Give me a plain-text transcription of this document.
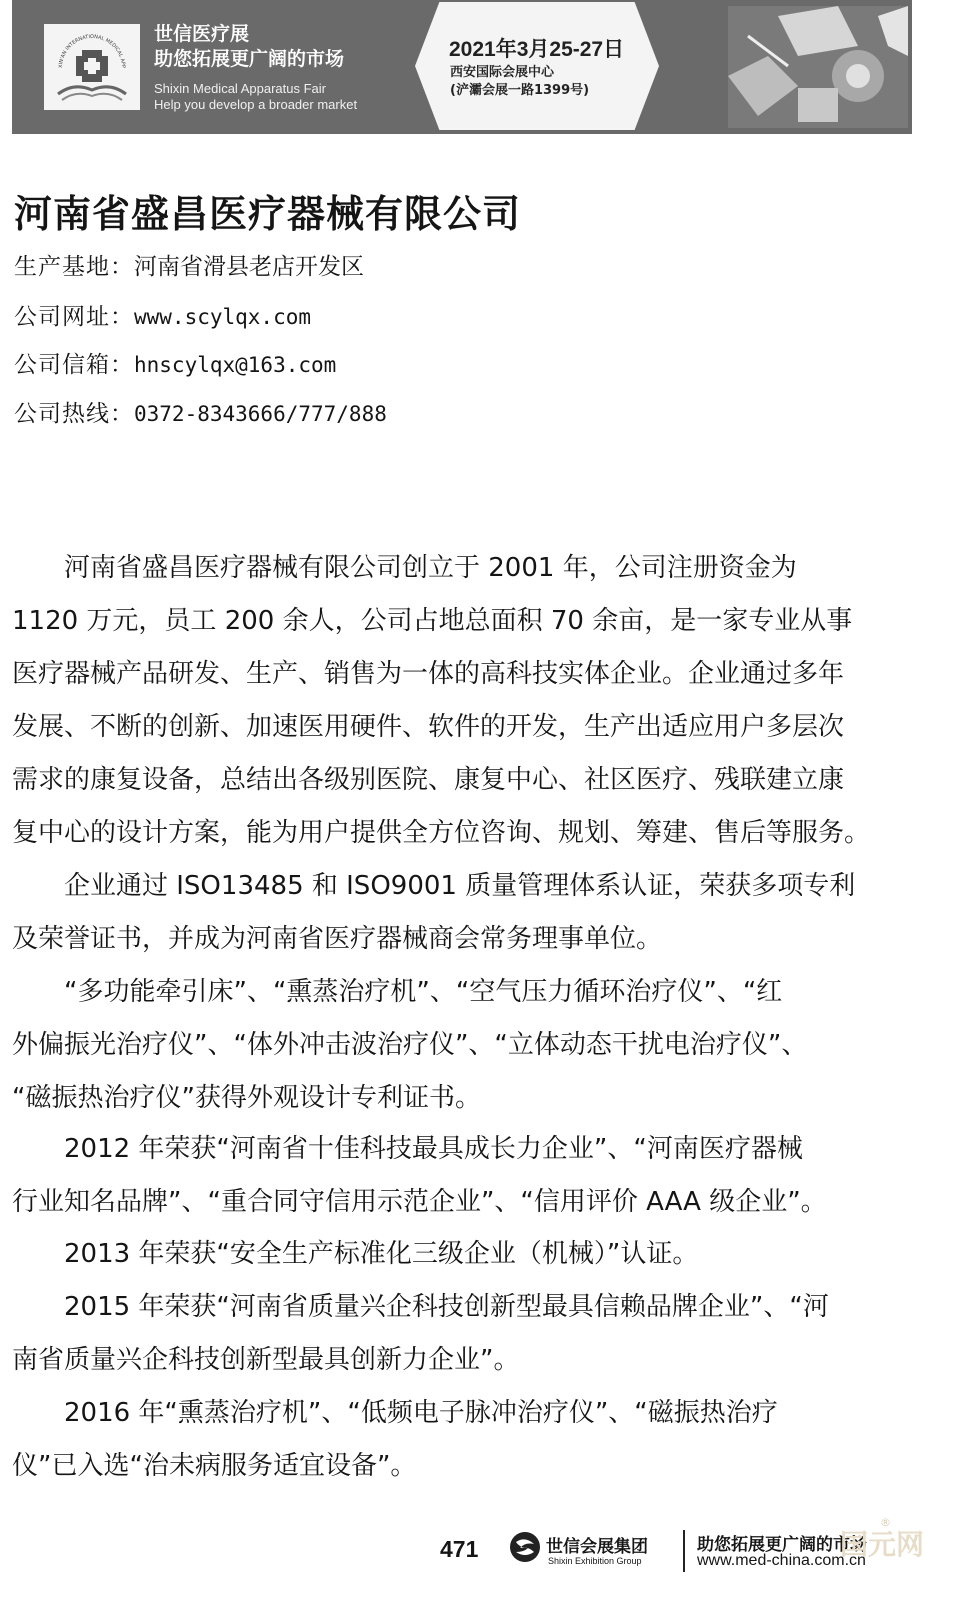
XIN'AN INTERNATIONAL MEDICAL APP
世信医疗展
助您拓展更广阔的市场
Shixin Medical Apparatus Fair
Help you develop a broader market
2021年3月25-27日
西安国际会展中心
(浐灞会展一路1399号)
河南省盛昌医疗器械有限公司
生产基地：河南省滑县老店开发区
公司网址：www.scylqx.com
公司信箱：hnscylqx@163.com
公司热线：0372-8343666/777/888
　　河南省盛昌医疗器械有限公司创立于 2001 年，公司注册资金为
1120 万元，员工 200 余人，公司占地总面积 70 余亩，是一家专业从事
医疗器械产品研发、生产、销售为一体的高科技实体企业。企业通过多年
发展、不断的创新、加速医用硬件、软件的开发，生产出适应用户多层次
需求的康复设备，总结出各级别医院、康复中心、社区医疗、残联建立康
复中心的设计方案，能为用户提供全方位咨询、规划、筹建、售后等服务。
　　企业通过 ISO13485 和 ISO9001 质量管理体系认证，荣获多项专利
及荣誉证书，并成为河南省医疗器械商会常务理事单位。
　　“多功能牵引床”、“熏蒸治疗机”、“空气压力循环治疗仪”、“红
外偏振光治疗仪”、“体外冲击波治疗仪”、“立体动态干扰电治疗仪”、
“磁振热治疗仪”获得外观设计专利证书。
　　2012 年荣获“河南省十佳科技最具成长力企业”、“河南医疗器械
行业知名品牌”、“重合同守信用示范企业”、“信用评价 AAA 级企业”。
　　2013 年荣获“安全生产标准化三级企业（机械）”认证。
　　2015 年荣获“河南省质量兴企科技创新型最具信赖品牌企业”、“河
南省质量兴企科技创新型最具创新力企业”。
　　2016 年“熏蒸治疗机”、“低频电子脉冲治疗仪”、“磁振热治疗
仪”已入选“治未病服务适宜设备”。
471	世信会展集团
Shixin Exhibition Group
助您拓展更广阔的市场
www.med-china.com.cn
国元网
®
